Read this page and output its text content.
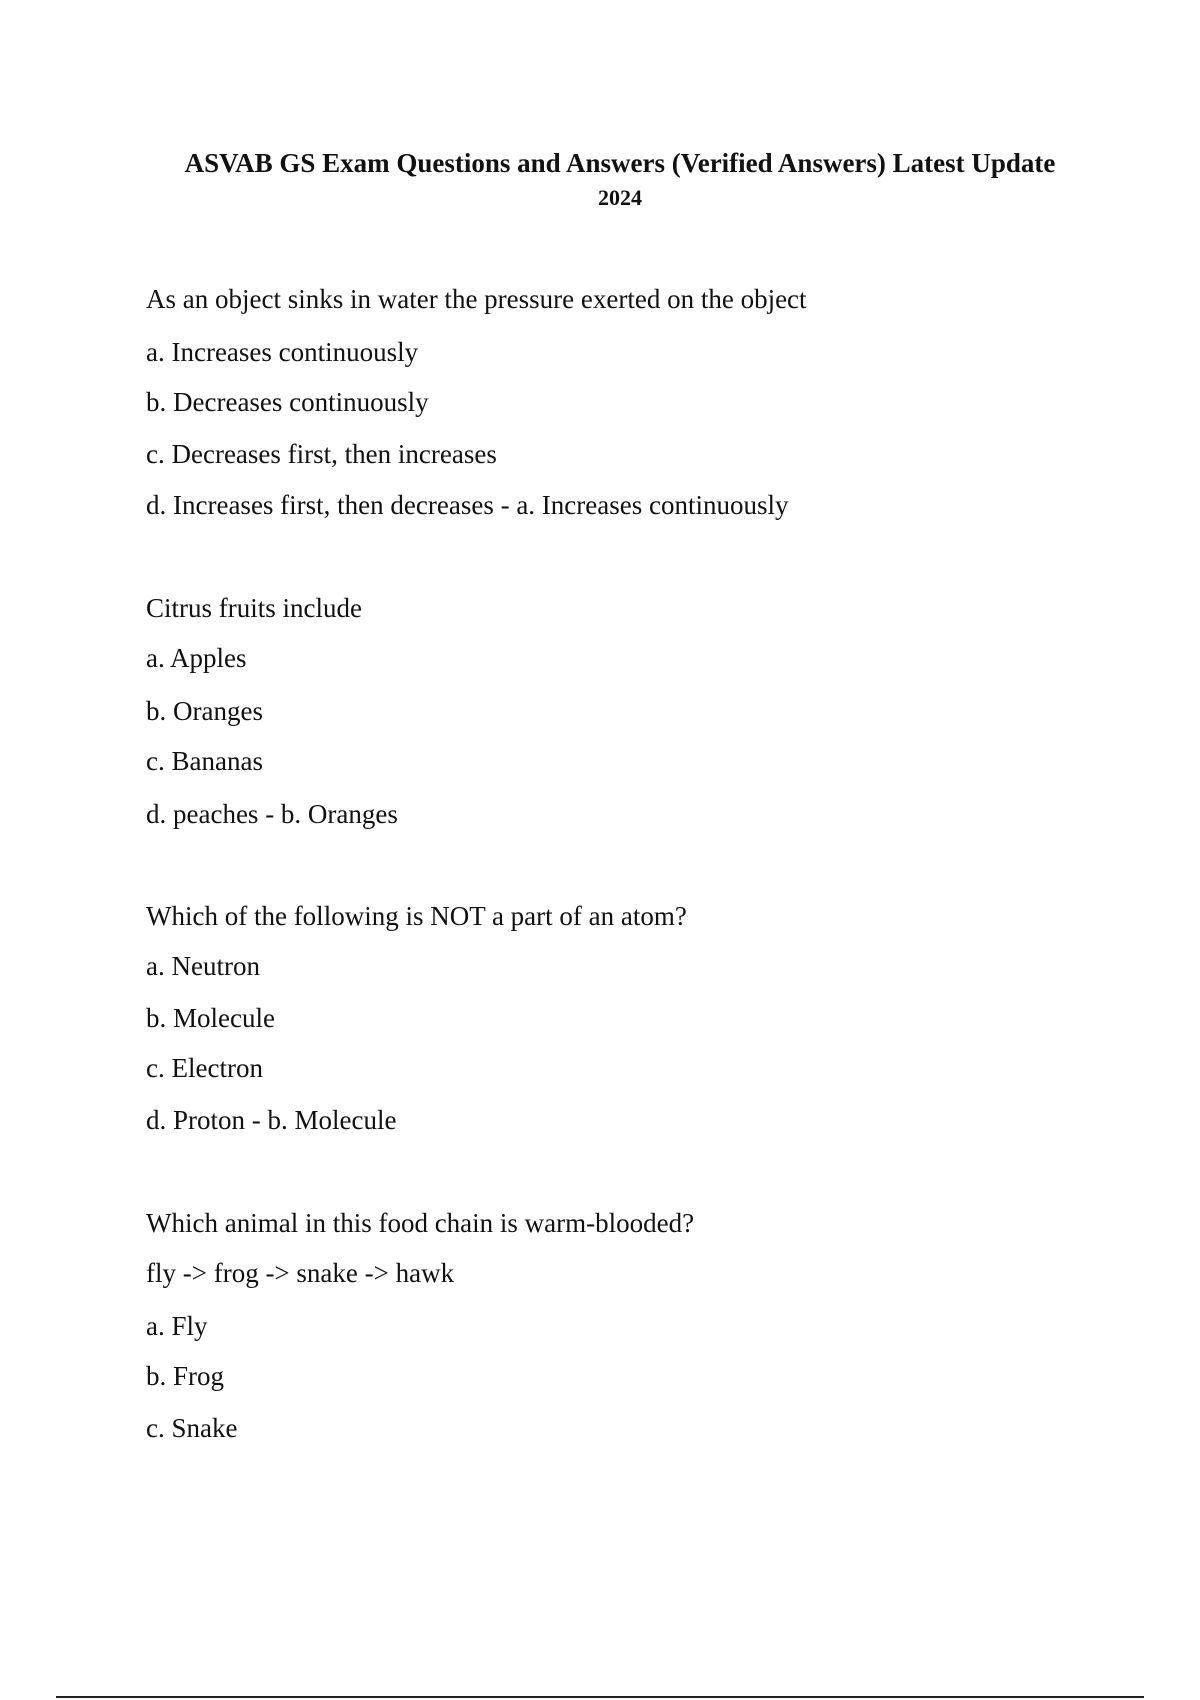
ASVAB GS Exam Questions and Answers (Verified Answers) Latest Update
2024
As an object sinks in water the pressure exerted on the object
a. Increases continuously
b. Decreases continuously
c. Decreases first, then increases
d. Increases first, then decreases - a. Increases continuously
Citrus fruits include
a. Apples
b. Oranges
c. Bananas
d. peaches - b. Oranges
Which of the following is NOT a part of an atom?
a. Neutron
b. Molecule
c. Electron
d. Proton - b. Molecule
Which animal in this food chain is warm-blooded?
fly -> frog -> snake -> hawk
a. Fly
b. Frog
c. Snake
